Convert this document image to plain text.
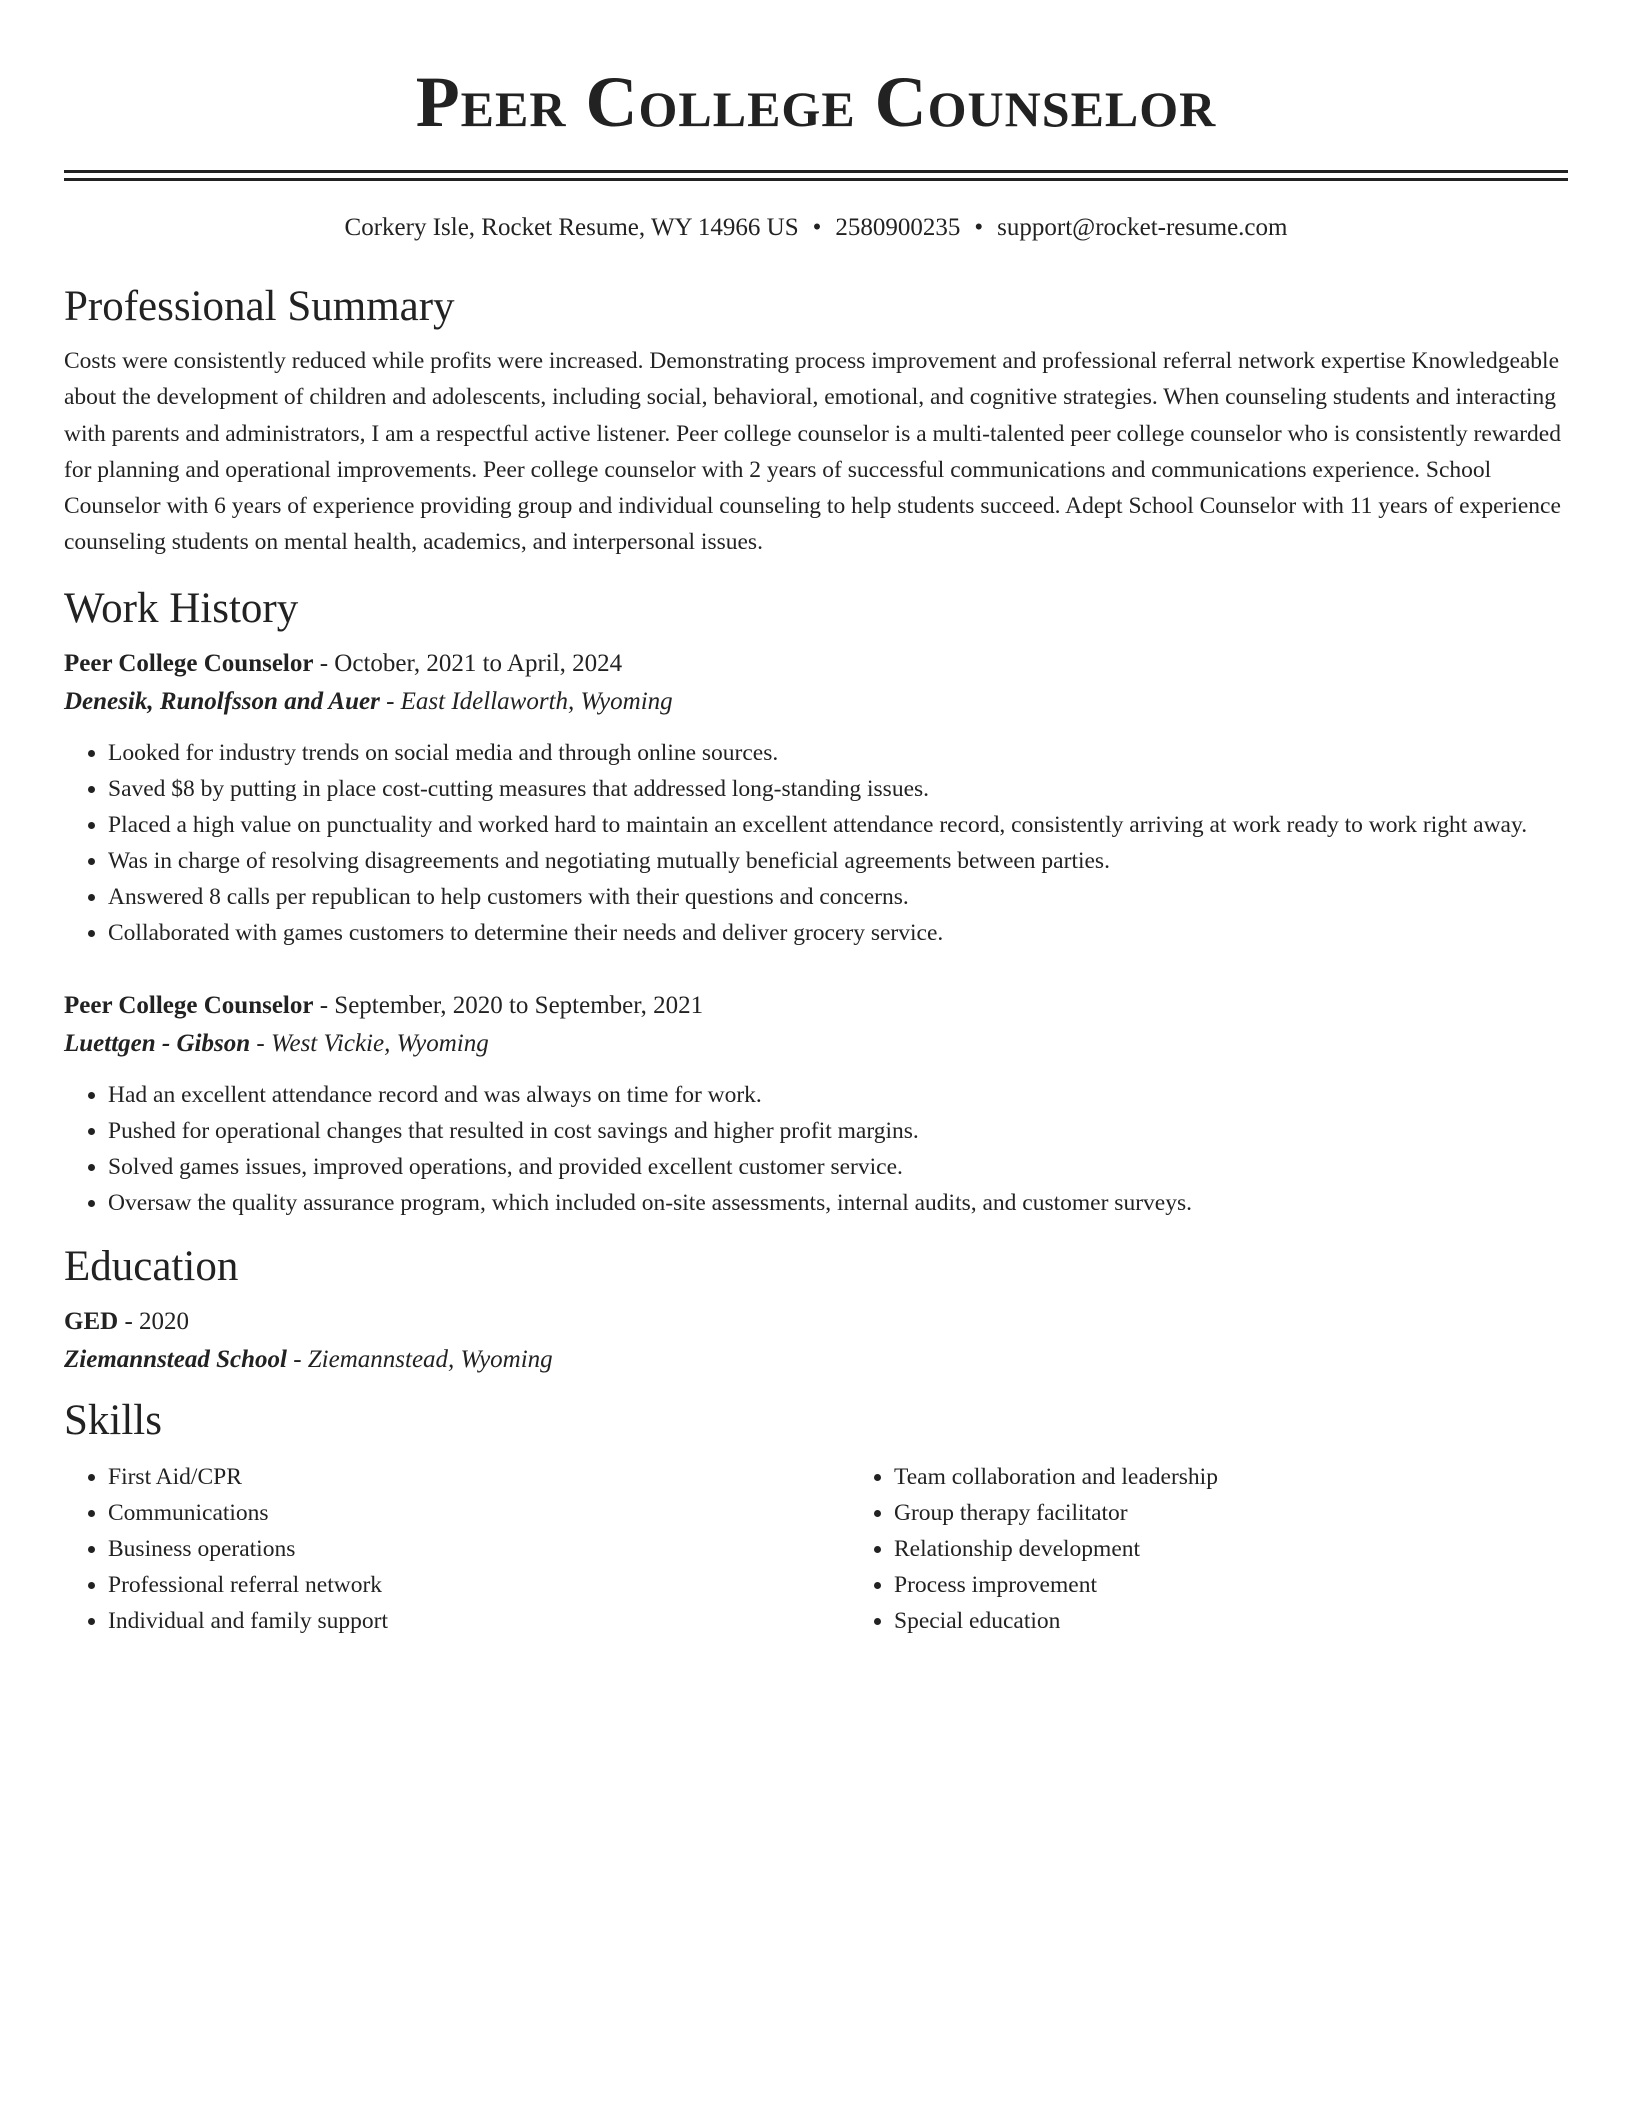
Peer College Counselor
Corkery Isle, Rocket Resume, WY 14966 US • 2580900235 • support@rocket-resume.com
Professional Summary

Costs were consistently reduced while profits were increased. Demonstrating process improvement and professional referral network expertise Knowledgeable about the development of children and adolescents, including social, behavioral, emotional, and cognitive strategies. When counseling students and interacting with parents and administrators, I am a respectful active listener. Peer college counselor is a multi-talented peer college counselor who is consistently rewarded for planning and operational improvements. Peer college counselor with 2 years of successful communications and communications experience. School Counselor with 6 years of experience providing group and individual counseling to help students succeed. Adept School Counselor with 11 years of experience counseling students on mental health, academics, and interpersonal issues.

Work History
Peer College Counselor - October, 2021 to April, 2024
Denesik, Runolfsson and Auer - East Idellaworth, Wyoming
• Looked for industry trends on social media and through online sources.
• Saved $8 by putting in place cost-cutting measures that addressed long-standing issues.
• Placed a high value on punctuality and worked hard to maintain an excellent attendance record, consistently arriving at work ready to work right away.
• Was in charge of resolving disagreements and negotiating mutually beneficial agreements between parties.
• Answered 8 calls per republican to help customers with their questions and concerns.
• Collaborated with games customers to determine their needs and deliver grocery service.
Peer College Counselor - September, 2020 to September, 2021
Luettgen - Gibson - West Vickie, Wyoming
• Had an excellent attendance record and was always on time for work.
• Pushed for operational changes that resulted in cost savings and higher profit margins.
• Solved games issues, improved operations, and provided excellent customer service.
• Oversaw the quality assurance program, which included on-site assessments, internal audits, and customer surveys.
Education
GED - 2020
Ziemannstead School - Ziemannstead, Wyoming
Skills
• First Aid/CPR
• Communications
• Business operations
• Professional referral network
• Individual and family support
• Team collaboration and leadership
• Group therapy facilitator
• Relationship development
• Process improvement
• Special education
